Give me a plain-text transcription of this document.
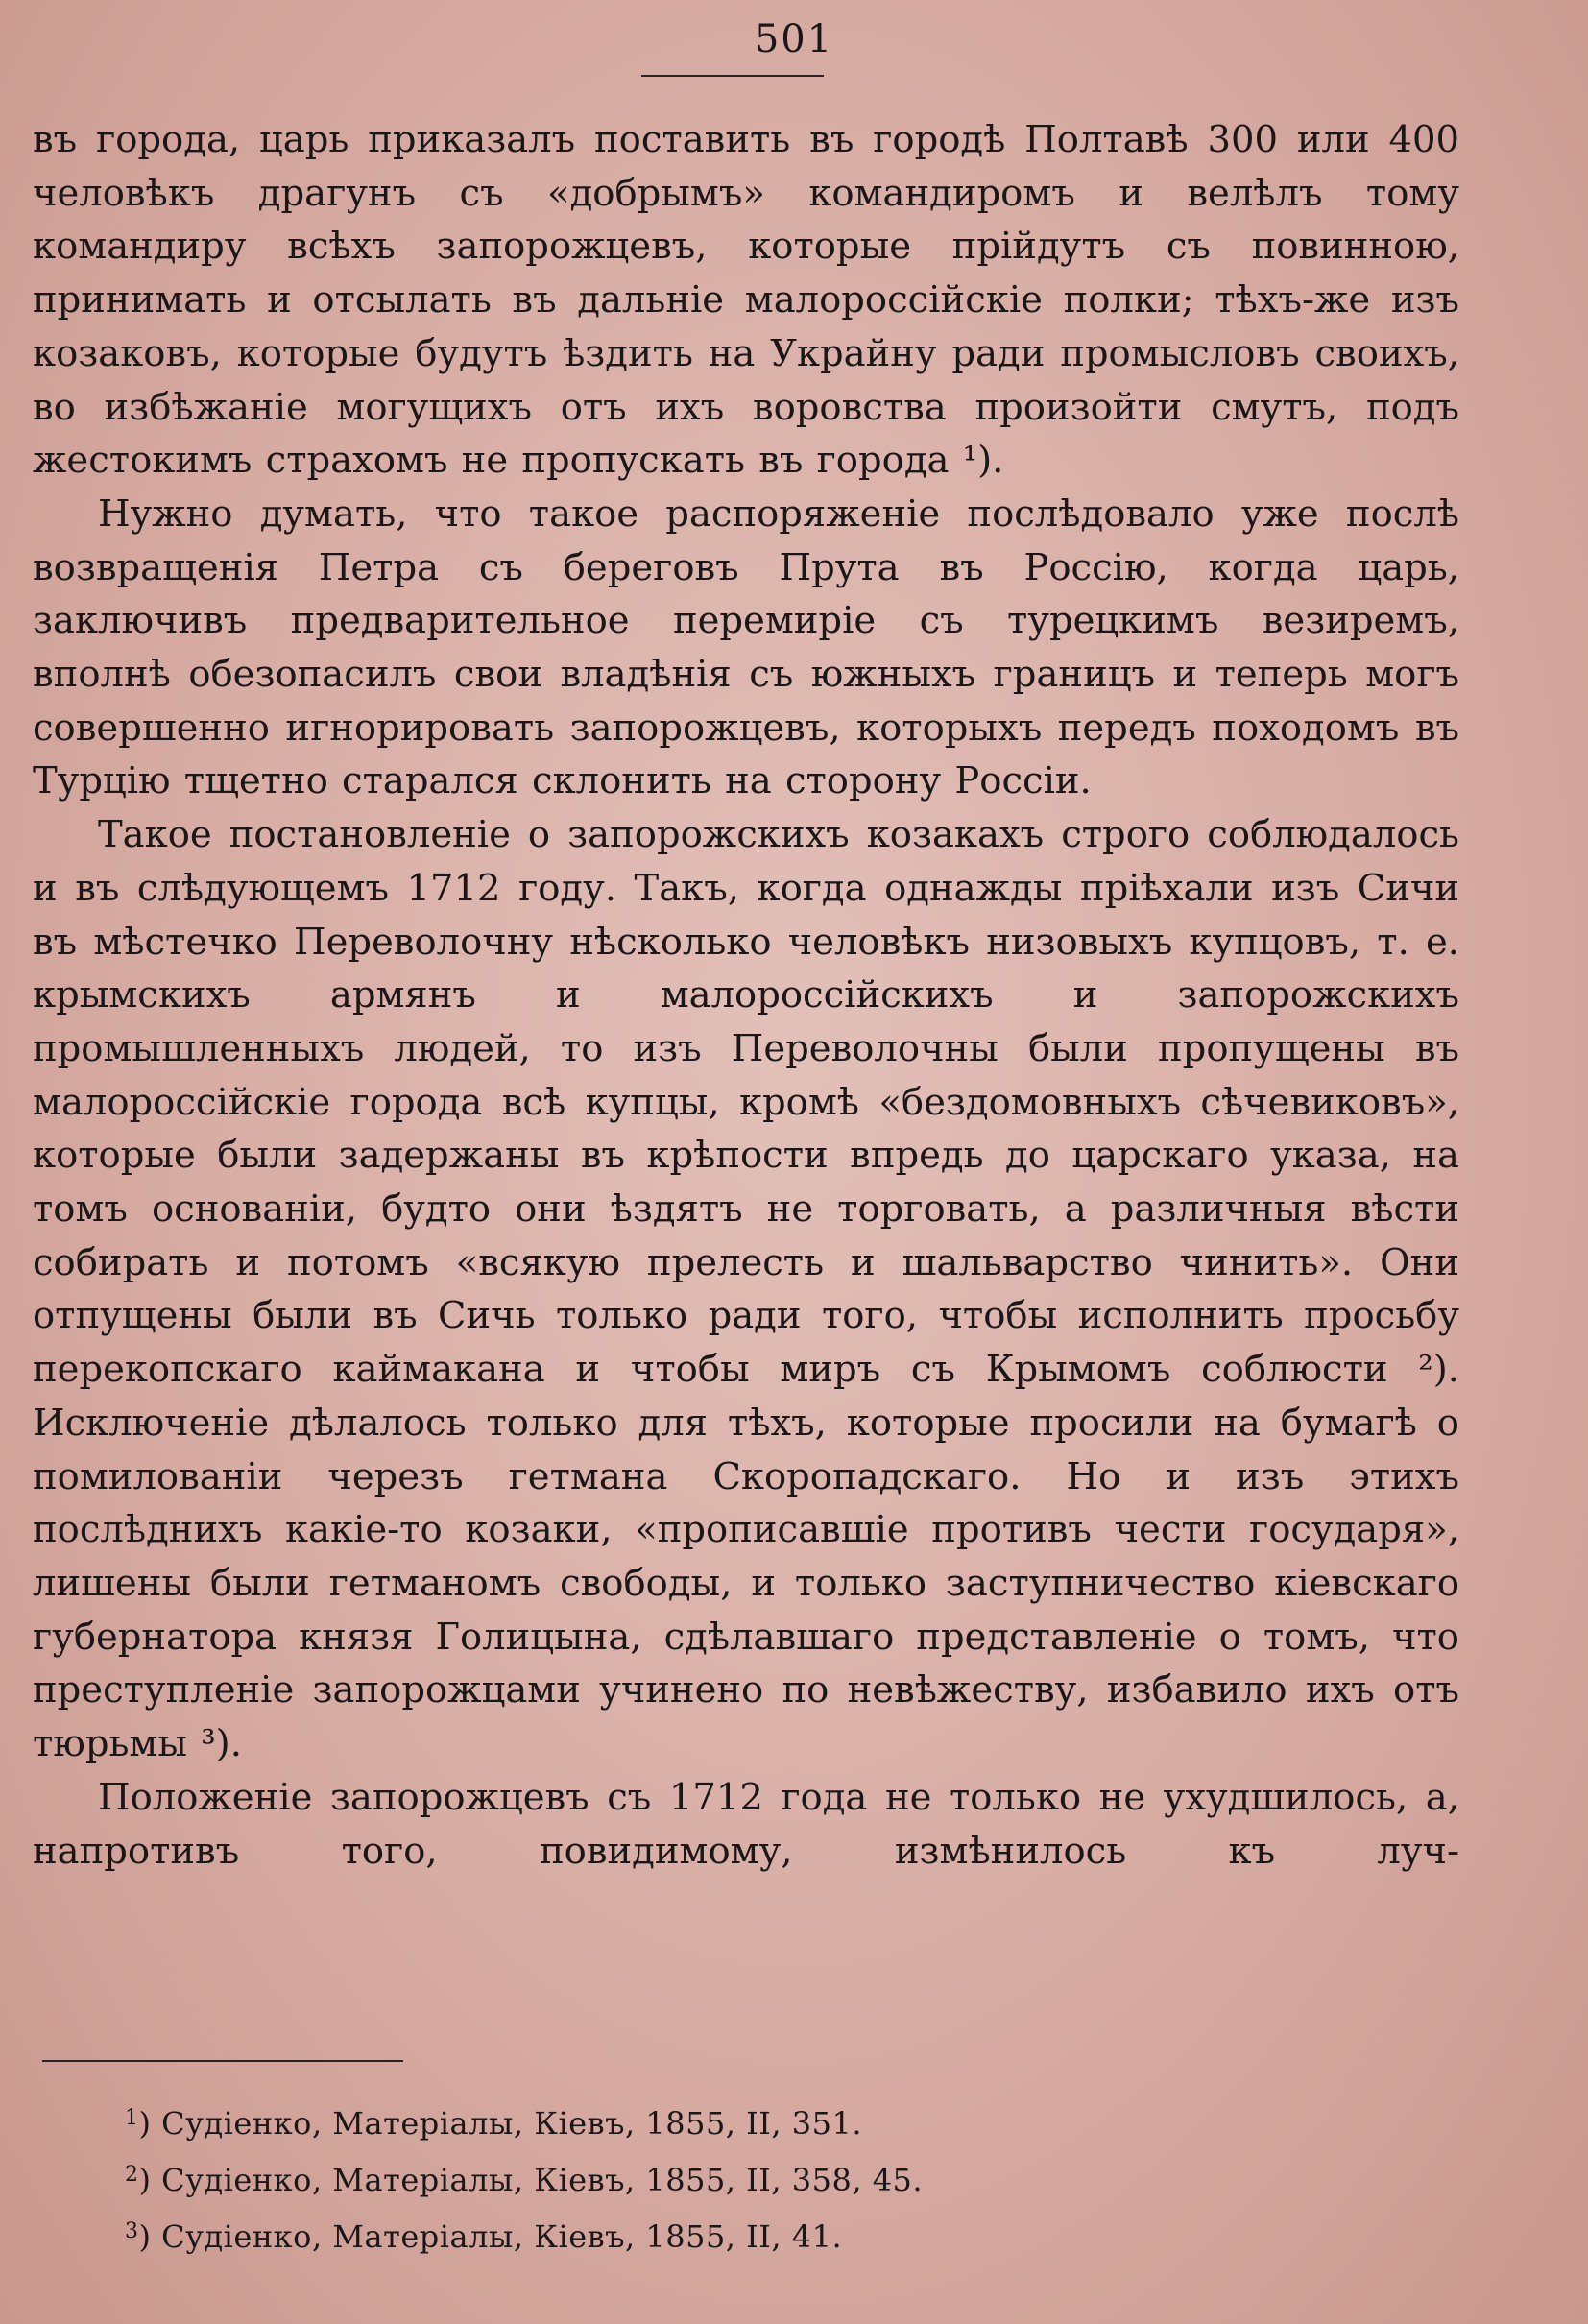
501

въ города, царь приказалъ поставить въ городѣ Полтавѣ 300 или 400 человѣкъ драгунъ съ «добрымъ» командиромъ и велѣлъ тому командиру всѣхъ запорожцевъ, которые прійдутъ съ повинною, принимать и отсылать въ дальніе малороссійскіе полки; тѣхъ-же изъ козаковъ, которые будутъ ѣздить на Украйну ради промысловъ своихъ, во избѣжаніе могущихъ отъ ихъ воровства произойти смутъ, подъ жестокимъ страхомъ не пропускать въ города ¹).

Нужно думать, что такое распоряженіе послѣдовало уже послѣ возвращенія Петра съ береговъ Прута въ Россію, когда царь, заключивъ предварительное перемиріе съ турецкимъ везиремъ, вполнѣ обезопасилъ свои владѣнія съ южныхъ границъ и теперь могъ совершенно игнорировать запорожцевъ, которыхъ передъ походомъ въ Турцію тщетно старался склонить на сторону Россіи.

Такое постановленіе о запорожскихъ козакахъ строго соблюдалось и въ слѣдующемъ 1712 году. Такъ, когда однажды пріѣхали изъ Сичи въ мѣстечко Переволочну нѣсколько человѣкъ низовыхъ купцовъ, т. е. крымскихъ армянъ и малороссійскихъ и запорожскихъ промышленныхъ людей, то изъ Переволочны были пропущены въ малороссійскіе города всѣ купцы, кромѣ «бездомовныхъ сѣчевиковъ», которые были задержаны въ крѣпости впредь до царскаго указа, на томъ основаніи, будто они ѣздятъ не торговать, а различныя вѣсти собирать и потомъ «всякую прелесть и шальварство чинить». Они отпущены были въ Сичь только ради того, чтобы исполнить просьбу перекопскаго каймакана и чтобы миръ съ Крымомъ соблюсти ²). Исключеніе дѣлалось только для тѣхъ, которые просили на бумагѣ о помилованіи черезъ гетмана Скоропадскаго. Но и изъ этихъ послѣднихъ какіе-то козаки, «прописавшіе противъ чести государя», лишены были гетманомъ свободы, и только заступничество кіевскаго губернатора князя Голицына, сдѣлавшаго представленіе о томъ, что преступленіе запорожцами учинено по невѣжеству, избавило ихъ отъ тюрьмы ³).

Положеніе запорожцевъ съ 1712 года не только не ухудшилось, а, напротивъ того, повидимому, измѣнилось къ луч-

$^1$) Судіенко, Матеріалы, Кіевъ, 1855, II, 351.
$^2$) Судіенко, Матеріалы, Кіевъ, 1855, II, 358, 45.
$^3$) Судіенко, Матеріалы, Кіевъ, 1855, II, 41.
